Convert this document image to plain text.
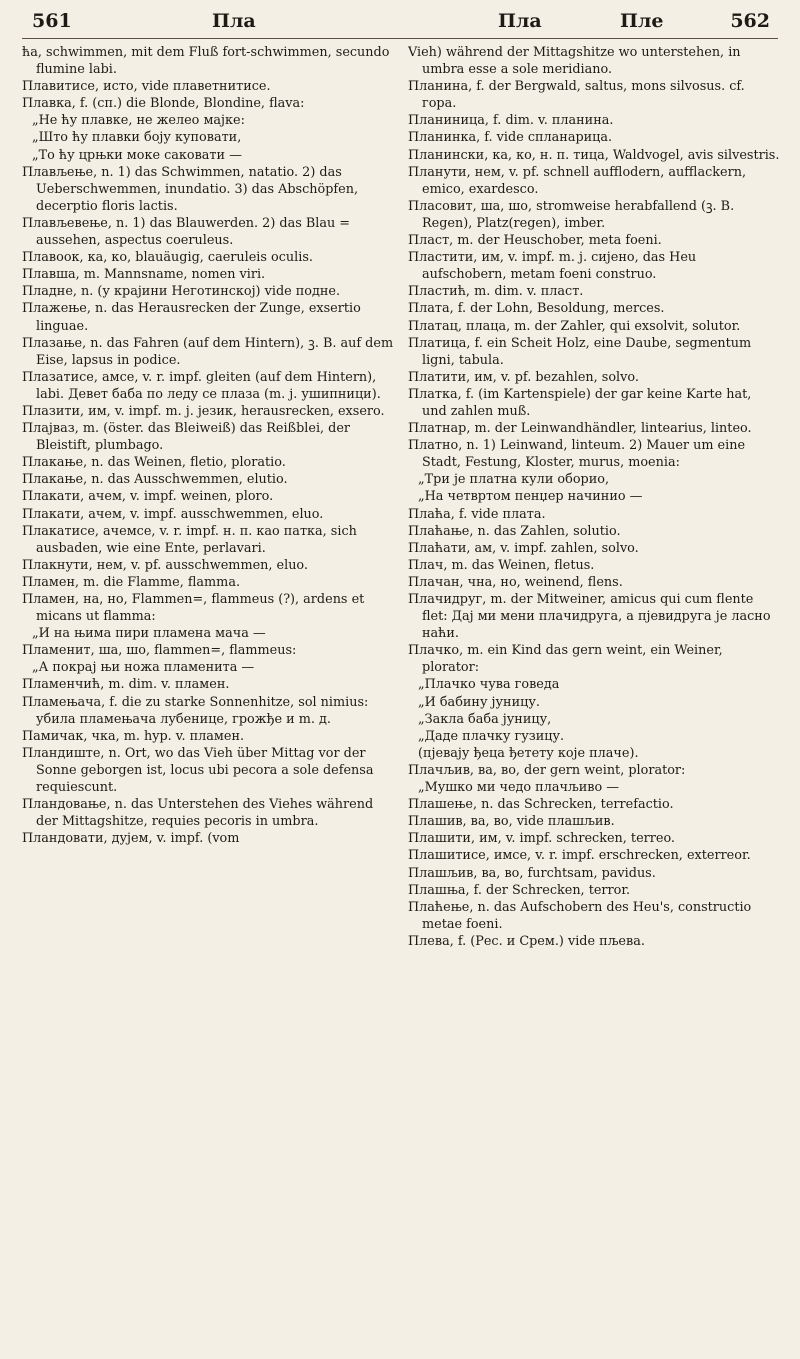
561	Пла	Пла	Пле	562

ћа, schwimmen, mit dem Fluß fort-schwimmen, secundo flumine labi.

Плавитисе, исто, vide плаветнитисе.

Плавка, f. (сп.) die Blonde, Blondine, flava:

„Не ћу плавке, не желео мајке:

„Што ћу плавки боју куповати,

„То ћу црњки моке саковати —

Плављење, n. 1) das Schwimmen, natatio. 2) das Ueberschwemmen, inundatio. 3) das Abschöpfen, decerptio floris lactis.

Плављевење, n. 1) das Blauwerden. 2) das Blau = aussehen, aspectus coeruleus.

Плавоок, ка, ко, blauäugig, caeruleis oculis.

Плавша, m. Mannsname, nomen viri.

Пладне, n. (у крајини Неготинској) vide подне.

Плажење, n. das Herausrecken der Zunge, exsertio linguae.

Плазање, n. das Fahren (auf dem Hintern), ꝫ. B. auf dem Eise, lapsus in podice.

Плазатисе, амсе, v. r. impf. gleiten (auf dem Hintern), labi. Девет баба по леду се плаза (m. j. ушипници).

Плазити, им, v. impf. m. j. језик, herausrecken, exsero.

Плајваз, m. (öster. das Bleiweiß) das Reißblei, der Bleistift, plumbago.

Плакање, n. das Weinen, fletio, ploratio.

Плакање, n. das Ausschwemmen, elutio.

Плакати, ачем, v. impf. weinen, ploro.

Плакати, ачем, v. impf. ausschwemmen, eluo.

Плакатисе, ачемсе, v. r. impf. н. п. као патка, sich ausbaden, wie eine Ente, perlavari.

Плакнути, нем, v. pf. ausschwemmen, eluo.

Пламен, m. die Flamme, flamma.

Пламен, на, но, Flammen=, flammeus (?), ardens et micans ut flamma:

„И на њима пири пламена мача —

Пламенит, ша, шо, flammen=, flammeus:

„А покрај њи ножа пламенита —

Пламенчић, m. dim. v. пламен.

Пламењача, f. die zu starke Sonnenhitze, sol nimius: убила пламењача лубенице, грожђе и m. д.

Памичак, чка, m. hyp. v. пламен.

Пландиште, n. Ort, wo das Vieh über Mittag vor der Sonne geborgen ist, locus ubi pecora a sole defensa requiescunt.

Пландовање, n. das Unterstehen des Viehes während der Mittagshitze, requies pecoris in umbra.

Пландовати, дујем, v. impf. (vom

Vieh) während der Mittagshitze wo unterstehen, in umbra esse a sole meridiano.

Планина, f. der Bergwald, saltus, mons silvosus. cf. гора.

Планиница, f. dim. v. планина.

Планинка, f. vide спланарица.

Планински, ка, ко, н. п. тица, Waldvogel, avis silvestris.

Планути, нем, v. pf. schnell aufflodern, aufflackern, emico, exardesco.

Пласовит, ша, шо, stromweise herabfallend (ꝫ. B. Regen), Platz(regen), imber.

Пласт, m. der Heuschober, meta foeni.

Пластити, им, v. impf. m. j. сијено, das Heu aufschobern, metam foeni construo.

Пластић, m. dim. v. пласт.

Плата, f. der Lohn, Besoldung, merces.

Платац, плаца, m. der Zahler, qui exsolvit, solutor.

Платица, f. ein Scheit Holz, eine Daube, segmentum ligni, tabula.

Платити, им, v. pf. bezahlen, solvo.

Платка, f. (im Kartenspiele) der gar keine Karte hat, und zahlen muß.

Платнар, m. der Leinwandhändler, lintearius, linteo.

Платно, n. 1) Leinwand, linteum. 2) Mauer um eine Stadt, Festung, Kloster, murus, moenia:

„Три је платна кули оборио,

„На четвртом пенџер начинио —

Плаћа, f. vide плата.

Плаћање, n. das Zahlen, solutio.

Плаћати, ам, v. impf. zahlen, solvo.

Плач, m. das Weinen, fletus.

Плачан, чна, но, weinend, flens.

Плачидруг, m. der Mitweiner, amicus qui cum flente flet: Дај ми мени плачидруга, а пјевидруга је ласно наћи.

Плачко, m. ein Kind das gern weint, ein Weiner, plorator:

„Плачко чува говеда

„И бабину јуницу.

„Закла баба јуницу,

„Даде плачку гузицу.

(пјевају ђеца ђетету које плаче).

Плачљив, ва, во, der gern weint, plorator:

„Мушко ми чедо плачљиво —

Плашење, n. das Schrecken, terrefactio.

Плашив, ва, во, vide плашљив.

Плашити, им, v. impf. schrecken, terreo.

Плашитисе, имсе, v. r. impf. erschrecken, exterreor.

Плашљив, ва, во, furchtsam, pavidus.

Плашња, f. der Schrecken, terror.

Плаћење, n. das Aufschobern des Heu's, constructio metae foeni.

Плева, f. (Рес. и Срем.) vide пљева.
